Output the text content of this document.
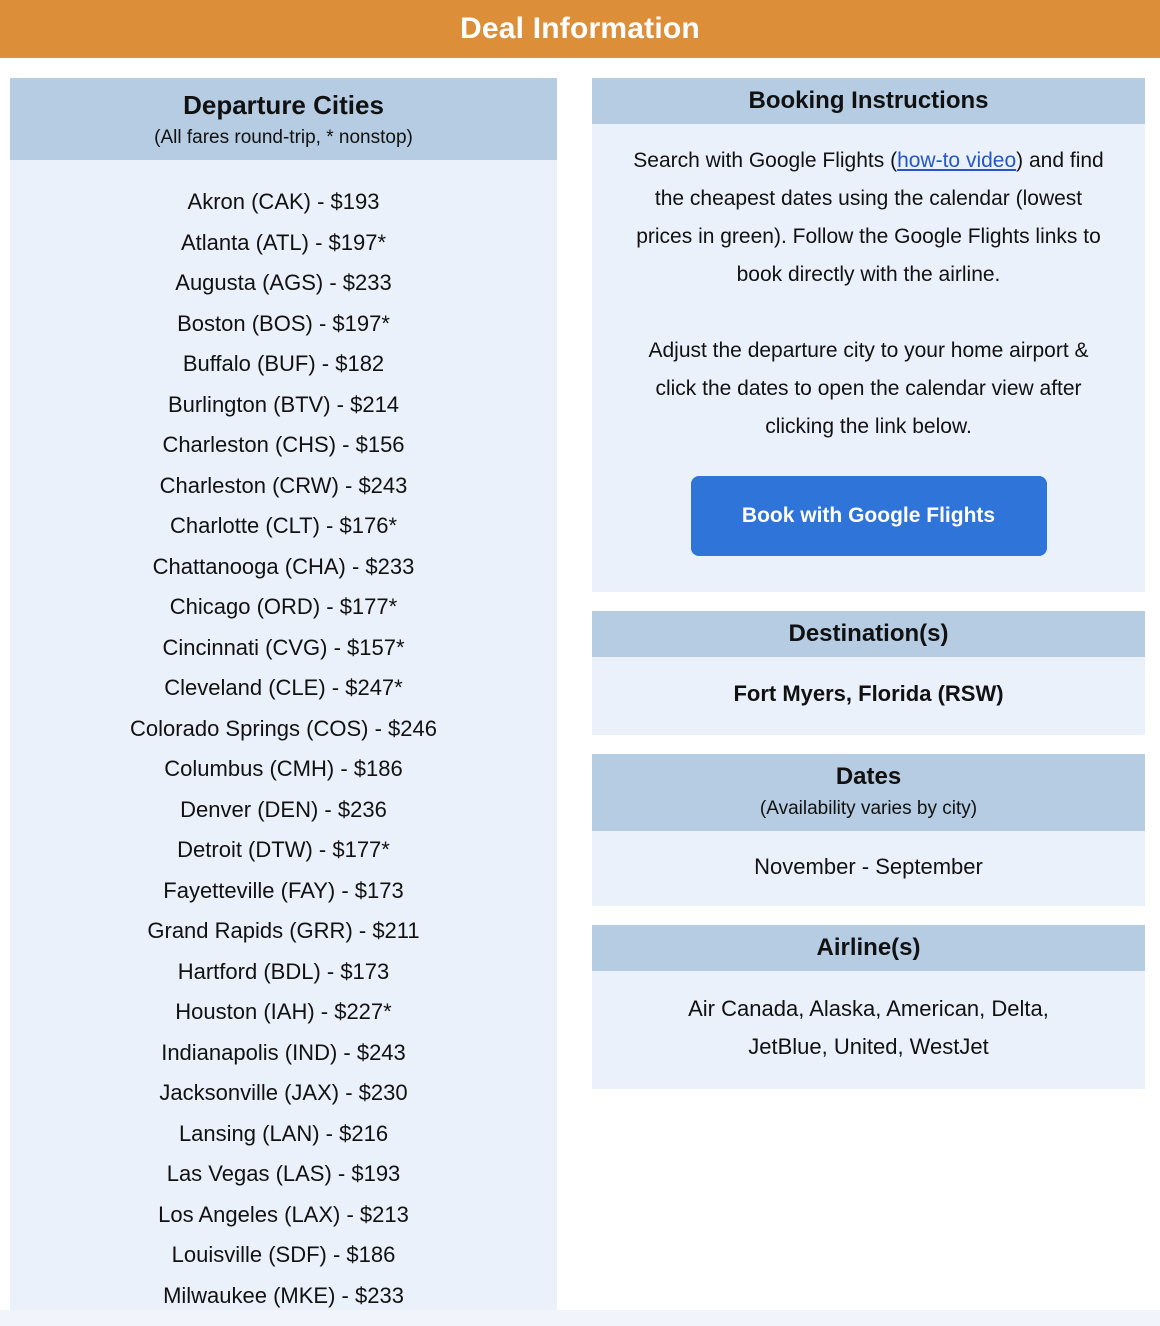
Deal Information
Departure Cities
(All fares round-trip, * nonstop)
Akron (CAK) - $193
Atlanta (ATL) - $197*
Augusta (AGS) - $233
Boston (BOS) - $197*
Buffalo (BUF) - $182
Burlington (BTV) - $214
Charleston (CHS) - $156
Charleston (CRW) - $243
Charlotte (CLT) - $176*
Chattanooga (CHA) - $233
Chicago (ORD) - $177*
Cincinnati (CVG) - $157*
Cleveland (CLE) - $247*
Colorado Springs (COS) - $246
Columbus (CMH) - $186
Denver (DEN) - $236
Detroit (DTW) - $177*
Fayetteville (FAY) - $173
Grand Rapids (GRR) - $211
Hartford (BDL) - $173
Houston (IAH) - $227*
Indianapolis (IND) - $243
Jacksonville (JAX) - $230
Lansing (LAN) - $216
Las Vegas (LAS) - $193
Los Angeles (LAX) - $213
Louisville (SDF) - $186
Milwaukee (MKE) - $233
Booking Instructions
Search with Google Flights (how-to video) and find the cheapest dates using the calendar (lowest prices in green). Follow the Google Flights links to book directly with the airline.
Adjust the departure city to your home airport & click the dates to open the calendar view after clicking the link below.
Book with Google Flights
Destination(s)
Fort Myers, Florida (RSW)
Dates
(Availability varies by city)
November - September
Airline(s)
Air Canada, Alaska, American, Delta, JetBlue, United, WestJet
